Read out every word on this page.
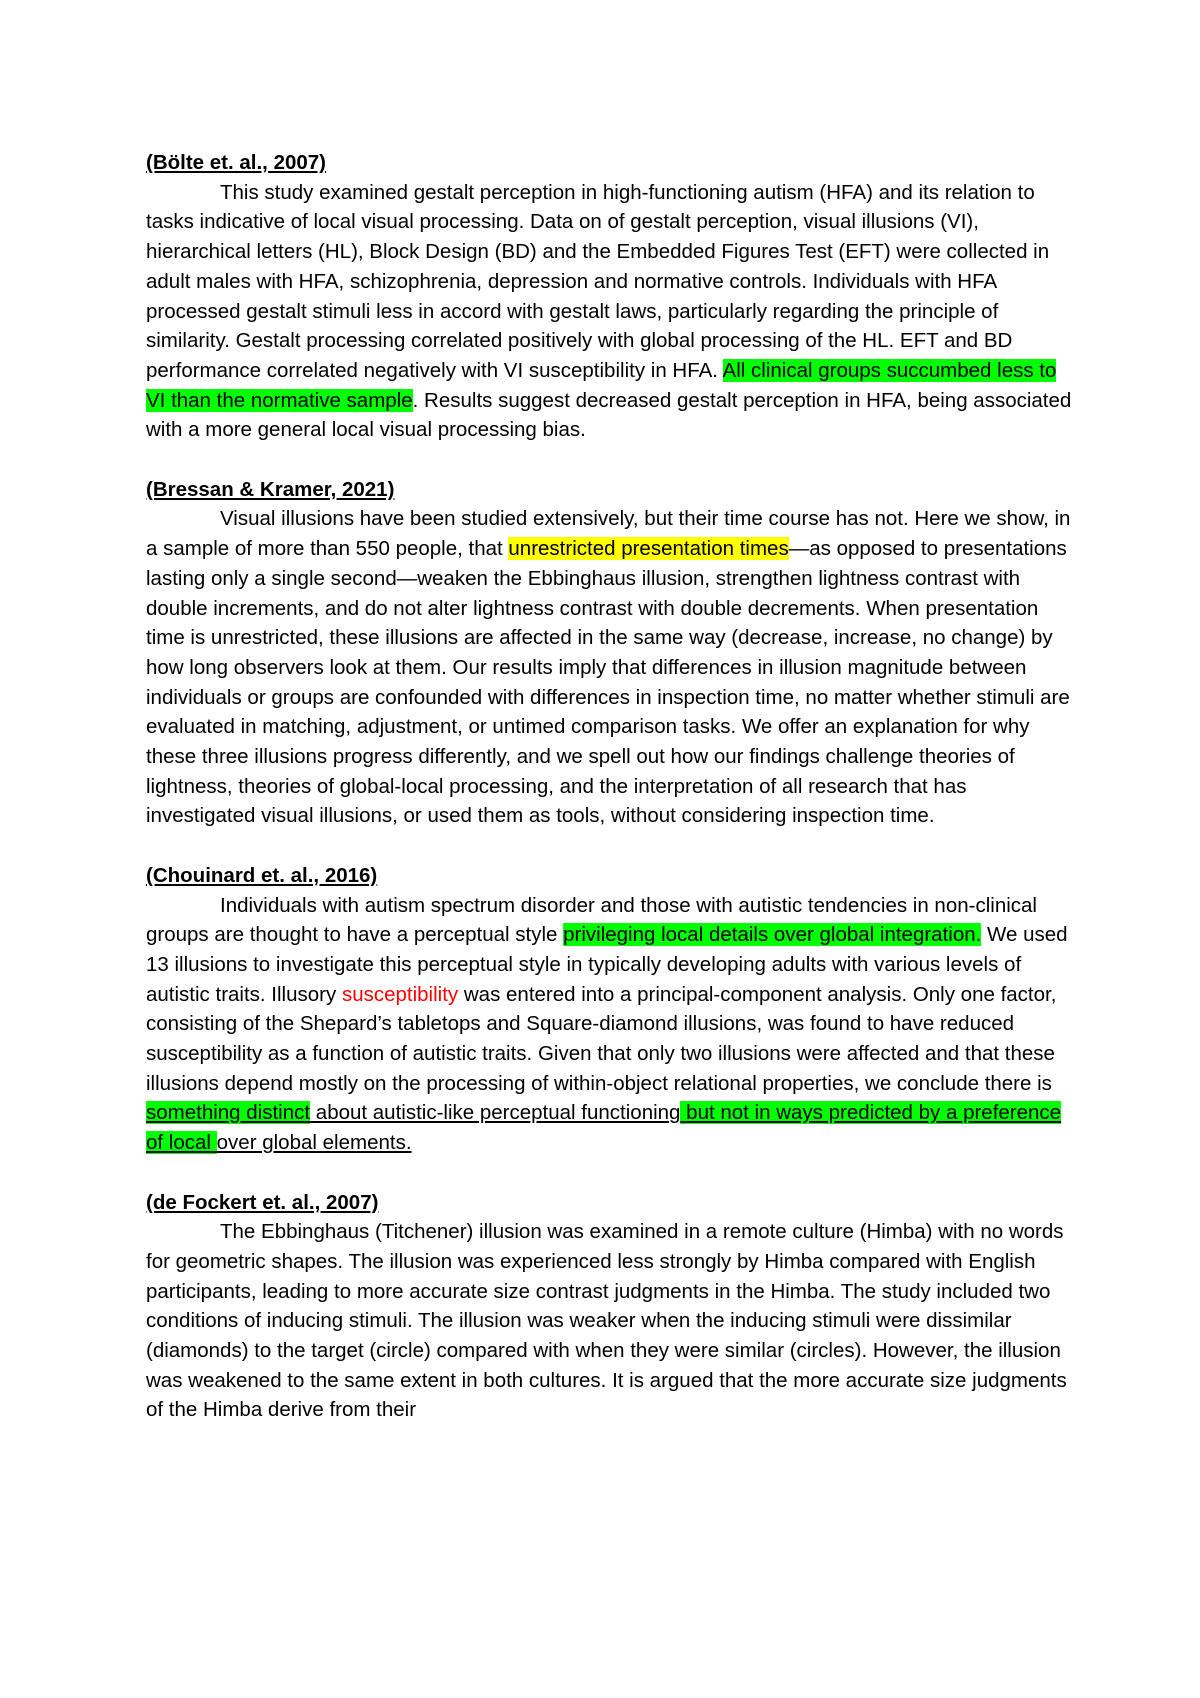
(Bölte et. al., 2007)

This study examined gestalt perception in high-functioning autism (HFA) and its relation to tasks indicative of local visual processing. Data on of gestalt perception, visual illusions (VI), hierarchical letters (HL), Block Design (BD) and the Embedded Figures Test (EFT) were collected in adult males with HFA, schizophrenia, depression and normative controls. Individuals with HFA processed gestalt stimuli less in accord with gestalt laws, particularly regarding the principle of similarity. Gestalt processing correlated positively with global processing of the HL. EFT and BD performance correlated negatively with VI susceptibility in HFA. All clinical groups succumbed less to VI than the normative sample. Results suggest decreased gestalt perception in HFA, being associated with a more general local visual processing bias.

(Bressan & Kramer, 2021)

Visual illusions have been studied extensively, but their time course has not. Here we show, in a sample of more than 550 people, that unrestricted presentation times—as opposed to presentations lasting only a single second—weaken the Ebbinghaus illusion, strengthen lightness contrast with double increments, and do not alter lightness contrast with double decrements. When presentation time is unrestricted, these illusions are affected in the same way (decrease, increase, no change) by how long observers look at them. Our results imply that differences in illusion magnitude between individuals or groups are confounded with differences in inspection time, no matter whether stimuli are evaluated in matching, adjustment, or untimed comparison tasks. We offer an explanation for why these three illusions progress differently, and we spell out how our findings challenge theories of lightness, theories of global-local processing, and the interpretation of all research that has investigated visual illusions, or used them as tools, without considering inspection time.

(Chouinard et. al., 2016)

Individuals with autism spectrum disorder and those with autistic tendencies in non-clinical groups are thought to have a perceptual style privileging local details over global integration. We used 13 illusions to investigate this perceptual style in typically developing adults with various levels of autistic traits. Illusory susceptibility was entered into a principal-component analysis. Only one factor, consisting of the Shepard’s tabletops and Square-diamond illusions, was found to have reduced susceptibility as a function of autistic traits. Given that only two illusions were affected and that these illusions depend mostly on the processing of within-object relational properties, we conclude there is something distinct about autistic-like perceptual functioning but not in ways predicted by a preference of local over global elements.

(de Fockert et. al., 2007)

The Ebbinghaus (Titchener) illusion was examined in a remote culture (Himba) with no words for geometric shapes. The illusion was experienced less strongly by Himba compared with English participants, leading to more accurate size contrast judgments in the Himba. The study included two conditions of inducing stimuli. The illusion was weaker when the inducing stimuli were dissimilar (diamonds) to the target (circle) compared with when they were similar (circles). However, the illusion was weakened to the same extent in both cultures. It is argued that the more accurate size judgments of the Himba derive from their
